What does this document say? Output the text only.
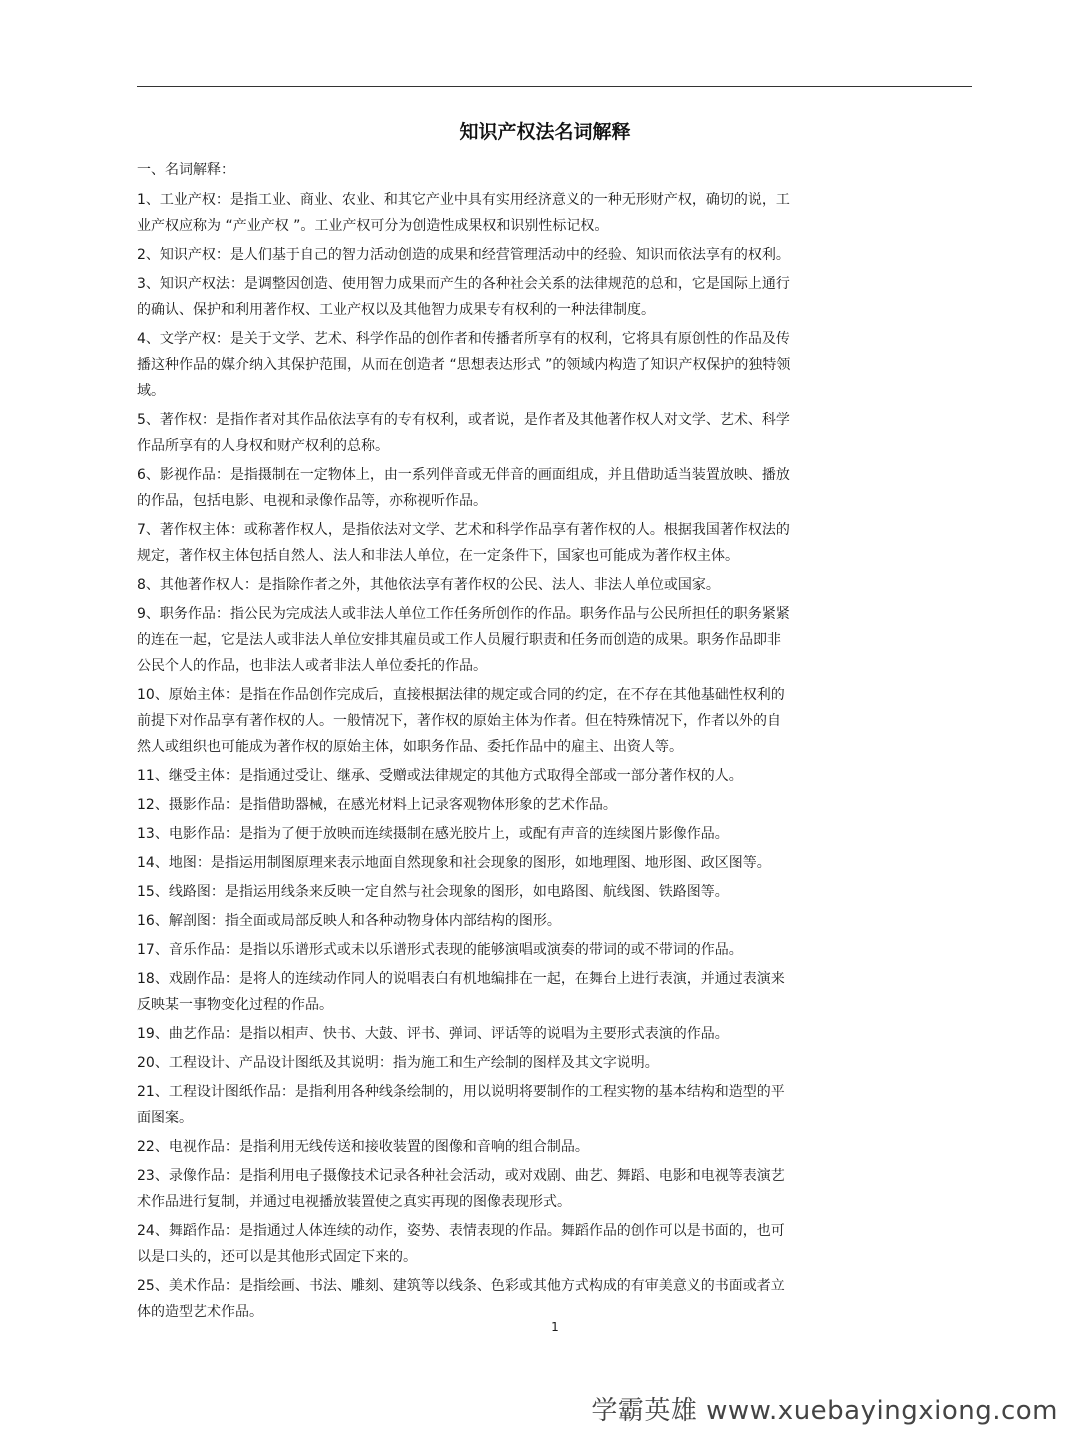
知识产权法名词解释

一、名词解释：

1、工业产权：是指工业、商业、农业、和其它产业中具有实用经济意义的一种无形财产权，确切的说，工
业产权应称为 “产业产权 ”。工业产权可分为创造性成果权和识别性标记权。

2、知识产权：是人们基于自己的智力活动创造的成果和经营管理活动中的经验、知识而依法享有的权利。

3、知识产权法：是调整因创造、使用智力成果而产生的各种社会关系的法律规范的总和，它是国际上通行
的确认、保护和利用著作权、工业产权以及其他智力成果专有权利的一种法律制度。

4、文学产权：是关于文学、艺术、科学作品的创作者和传播者所享有的权利，它将具有原创性的作品及传
播这种作品的媒介纳入其保护范围，从而在创造者 “思想表达形式 ”的领域内构造了知识产权保护的独特领
域。

5、著作权：是指作者对其作品依法享有的专有权利，或者说，是作者及其他著作权人对文学、艺术、科学
作品所享有的人身权和财产权利的总称。

6、影视作品：是指摄制在一定物体上，由一系列伴音或无伴音的画面组成，并且借助适当装置放映、播放
的作品，包括电影、电视和录像作品等，亦称视听作品。

7、著作权主体：或称著作权人，是指依法对文学、艺术和科学作品享有著作权的人。根据我国著作权法的
规定，著作权主体包括自然人、法人和非法人单位，在一定条件下，国家也可能成为著作权主体。

8、其他著作权人：是指除作者之外，其他依法享有著作权的公民、法人、非法人单位或国家。

9、职务作品：指公民为完成法人或非法人单位工作任务所创作的作品。职务作品与公民所担任的职务紧紧
的连在一起，它是法人或非法人单位安排其雇员或工作人员履行职责和任务而创造的成果。职务作品即非
公民个人的作品，也非法人或者非法人单位委托的作品。

10、原始主体：是指在作品创作完成后，直接根据法律的规定或合同的约定，在不存在其他基础性权利的
前提下对作品享有著作权的人。一般情况下，著作权的原始主体为作者。但在特殊情况下，作者以外的自
然人或组织也可能成为著作权的原始主体，如职务作品、委托作品中的雇主、出资人等。

11、继受主体：是指通过受让、继承、受赠或法律规定的其他方式取得全部或一部分著作权的人。

12、摄影作品：是指借助器械，在感光材料上记录客观物体形象的艺术作品。

13、电影作品：是指为了便于放映而连续摄制在感光胶片上，或配有声音的连续图片影像作品。

14、地图：是指运用制图原理来表示地面自然现象和社会现象的图形，如地理图、地形图、政区图等。

15、线路图：是指运用线条来反映一定自然与社会现象的图形，如电路图、航线图、铁路图等。

16、解剖图：指全面或局部反映人和各种动物身体内部结构的图形。

17、音乐作品：是指以乐谱形式或未以乐谱形式表现的能够演唱或演奏的带词的或不带词的作品。

18、戏剧作品：是将人的连续动作同人的说唱表白有机地编排在一起，在舞台上进行表演，并通过表演来
反映某一事物变化过程的作品。

19、曲艺作品：是指以相声、快书、大鼓、评书、弹词、评话等的说唱为主要形式表演的作品。

20、工程设计、产品设计图纸及其说明：指为施工和生产绘制的图样及其文字说明。

21、工程设计图纸作品：是指利用各种线条绘制的，用以说明将要制作的工程实物的基本结构和造型的平
面图案。

22、电视作品：是指利用无线传送和接收装置的图像和音响的组合制品。

23、录像作品：是指利用电子摄像技术记录各种社会活动，或对戏剧、曲艺、舞蹈、电影和电视等表演艺
术作品进行复制，并通过电视播放装置使之真实再现的图像表现形式。

24、舞蹈作品：是指通过人体连续的动作，姿势、表情表现的作品。舞蹈作品的创作可以是书面的，也可
以是口头的，还可以是其他形式固定下来的。

25、美术作品：是指绘画、书法、雕刻、建筑等以线条、色彩或其他方式构成的有审美意义的书面或者立
体的造型艺术作品。

1

学霸英雄 www.xuebayingxiong.com
